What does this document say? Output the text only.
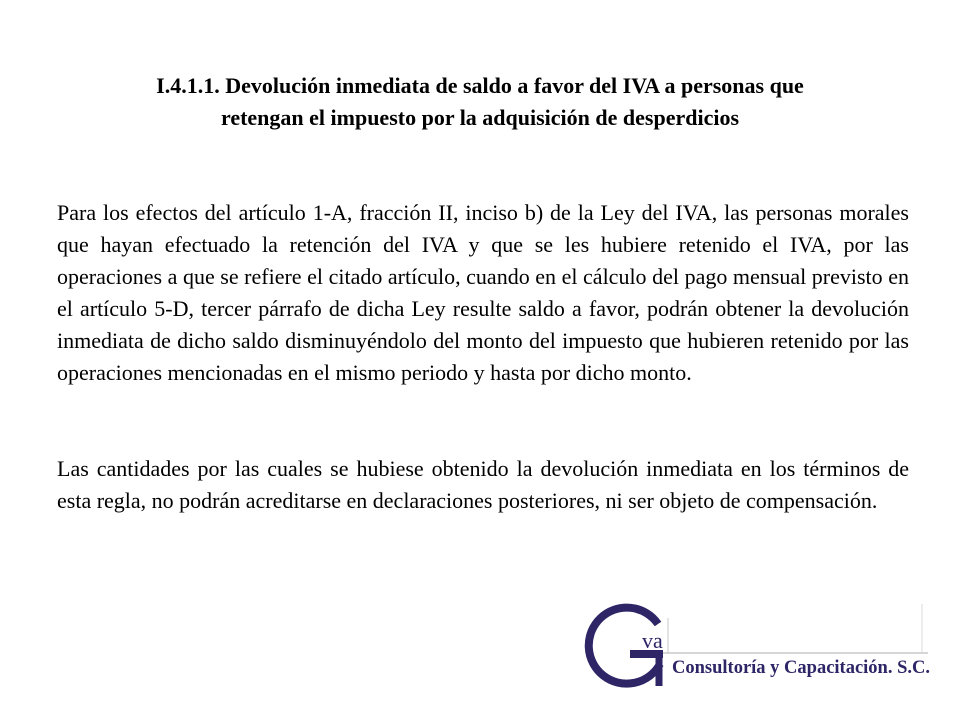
I.4.1.1. Devolución inmediata de saldo a favor del IVA a personas que
retengan el impuesto por la adquisición de desperdicios

Para los efectos del artículo 1-A, fracción II, inciso b) de la Ley del IVA, las personas morales que hayan efectuado la retención del IVA y que se les hubiere retenido el IVA, por las operaciones a que se refiere el citado artículo, cuando en el cálculo del pago mensual previsto en el artículo 5-D, tercer párrafo de dicha Ley resulte saldo a favor, podrán obtener la devolución inmediata de dicho saldo disminuyéndolo del monto del impuesto que hubieren retenido por las operaciones mencionadas en el mismo periodo y hasta por dicho monto.

Las cantidades por las cuales se hubiese obtenido la devolución inmediata en los términos de esta regla, no podrán acreditarse en declaraciones posteriores, ni ser objeto de compensación.

va
Consultoría y Capacitación. S.C.
